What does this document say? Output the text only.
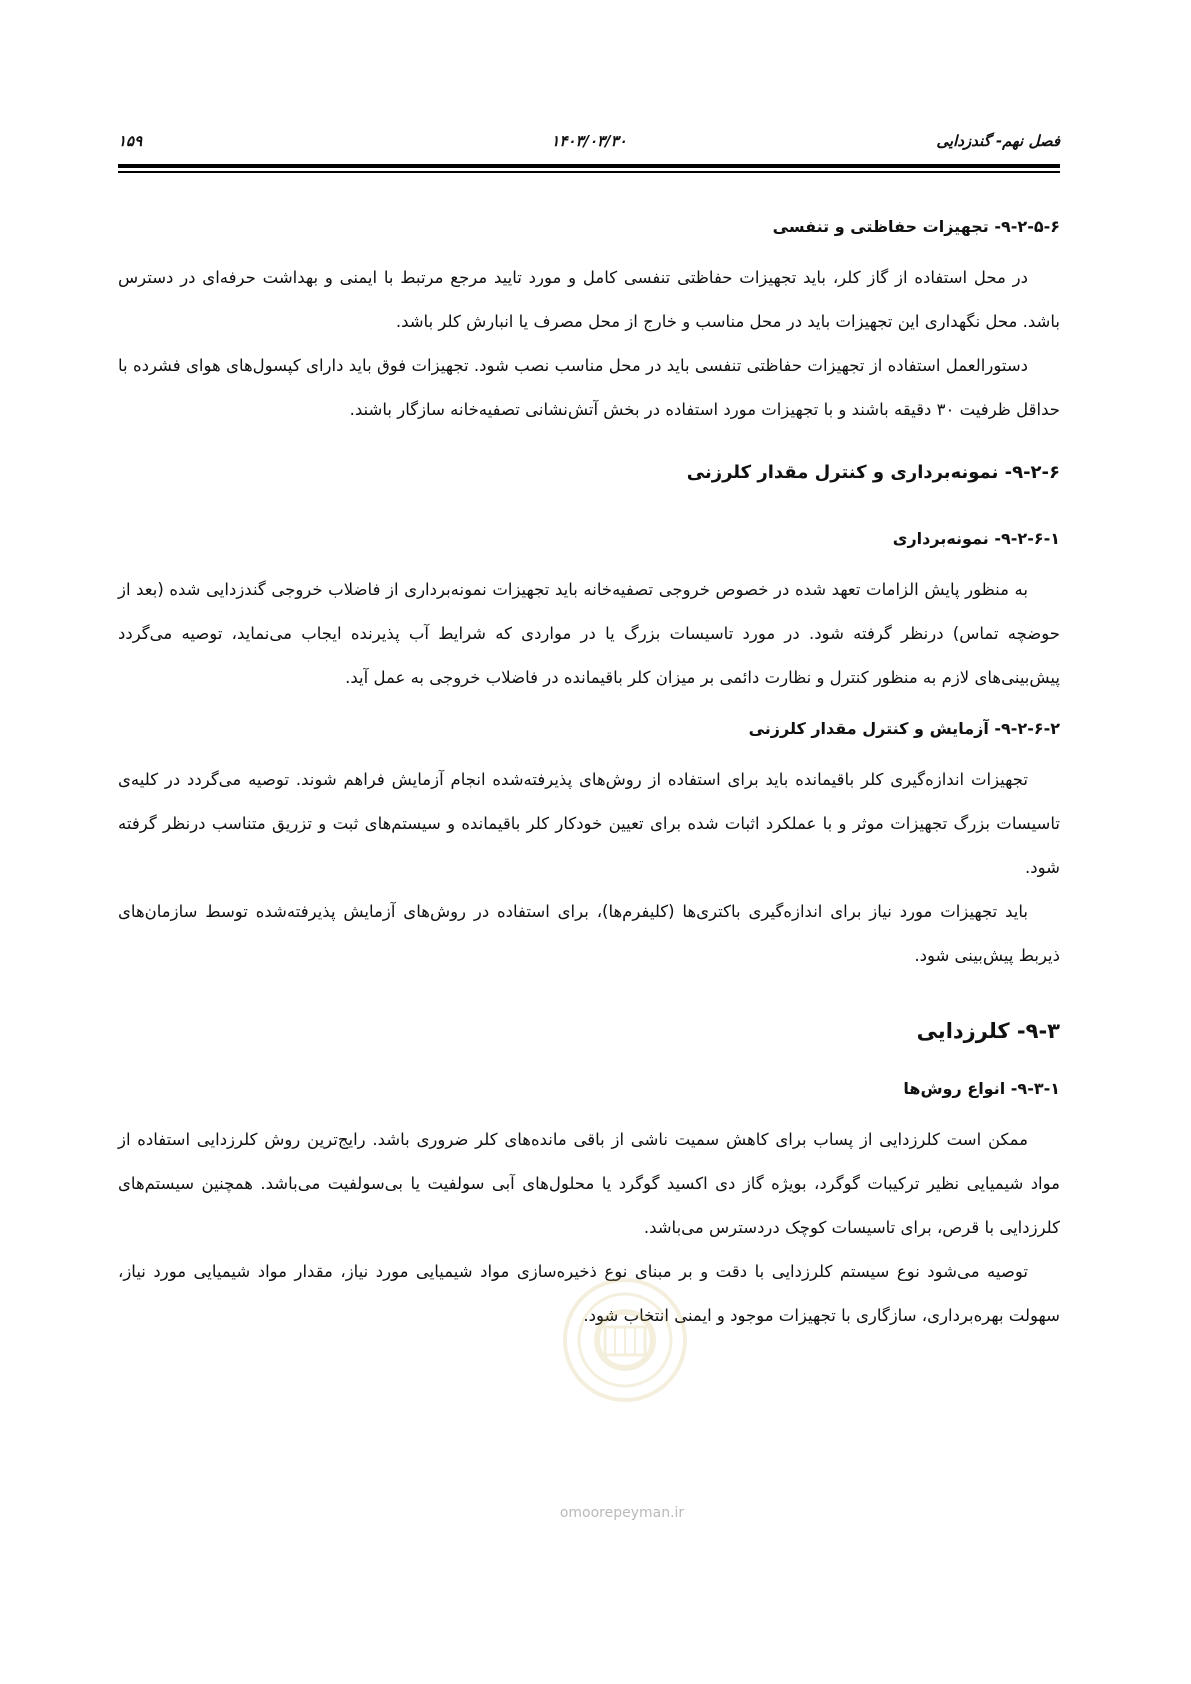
فصل نهم- گندزدایی
۱۴۰۳/۰۳/۳۰
۱۵۹
۹-۲-۵-۶- تجهیزات حفاظتی و تنفسی

در محل استفاده از گاز کلر، باید تجهیزات حفاظتی تنفسی کامل و مورد تایید مرجع مرتبط با ایمنی و بهداشت حرفه‌ای در دسترس باشد. محل نگهداری این تجهیزات باید در محل مناسب و خارج از محل مصرف یا انبارش کلر باشد.

دستورالعمل استفاده از تجهیزات حفاظتی تنفسی باید در محل مناسب نصب شود. تجهیزات فوق باید دارای کپسول‌های هوای فشرده با حداقل ظرفیت ۳۰ دقیقه باشند و با تجهیزات مورد استفاده در بخش آتش‌نشانی تصفیه‌خانه سازگار باشند.

۹-۲-۶- نمونه‌برداری و کنترل مقدار کلرزنی
۹-۲-۶-۱- نمونه‌برداری

به منظور پایش الزامات تعهد شده در خصوص خروجی تصفیه‌خانه باید تجهیزات نمونه‌برداری از فاضلاب خروجی گندزدایی شده (بعد از حوضچه تماس) درنظر گرفته شود. در مورد تاسیسات بزرگ یا در مواردی که شرایط آب پذیرنده ایجاب می‌نماید، توصیه می‌گردد پیش‌بینی‌های لازم به منظور کنترل و نظارت دائمی بر میزان کلر باقیمانده در فاضلاب خروجی به عمل آید.

۹-۲-۶-۲- آزمایش و کنترل مقدار کلرزنی

تجهیزات اندازه‌گیری کلر باقیمانده باید برای استفاده از روش‌های پذیرفته‌شده انجام آزمایش فراهم شوند. توصیه می‌گردد در کلیه‌ی تاسیسات بزرگ تجهیزات موثر و با عملکرد اثبات شده برای تعیین خودکار کلر باقیمانده و سیستم‌های ثبت و تزریق متناسب درنظر گرفته شود.

باید تجهیزات مورد نیاز برای اندازه‌گیری باکتری‌ها (کلیفرم‌ها)، برای استفاده در روش‌های آزمایش پذیرفته‌شده توسط سازمان‌های ذیربط پیش‌بینی شود.

۹-۳- کلرزدایی
۹-۳-۱- انواع روش‌ها

ممکن است کلرزدایی از پساب برای کاهش سمیت ناشی از باقی مانده‌های کلر ضروری باشد. رایج‌ترین روش کلرزدایی استفاده از مواد شیمیایی نظیر ترکیبات گوگرد، بویژه گاز دی اکسید گوگرد یا محلول‌های آبی سولفیت یا بی‌سولفیت می‌باشد. همچنین سیستم‌های کلرزدایی با قرص، برای تاسیسات کوچک دردسترس می‌باشد.

توصیه می‌شود نوع سیستم کلرزدایی با دقت و بر مبنای نوع ذخیره‌سازی مواد شیمیایی مورد نیاز، مقدار مواد شیمیایی مورد نیاز، سهولت بهره‌برداری، سازگاری با تجهیزات موجود و ایمنی انتخاب شود.

omoorepeyman.ir
